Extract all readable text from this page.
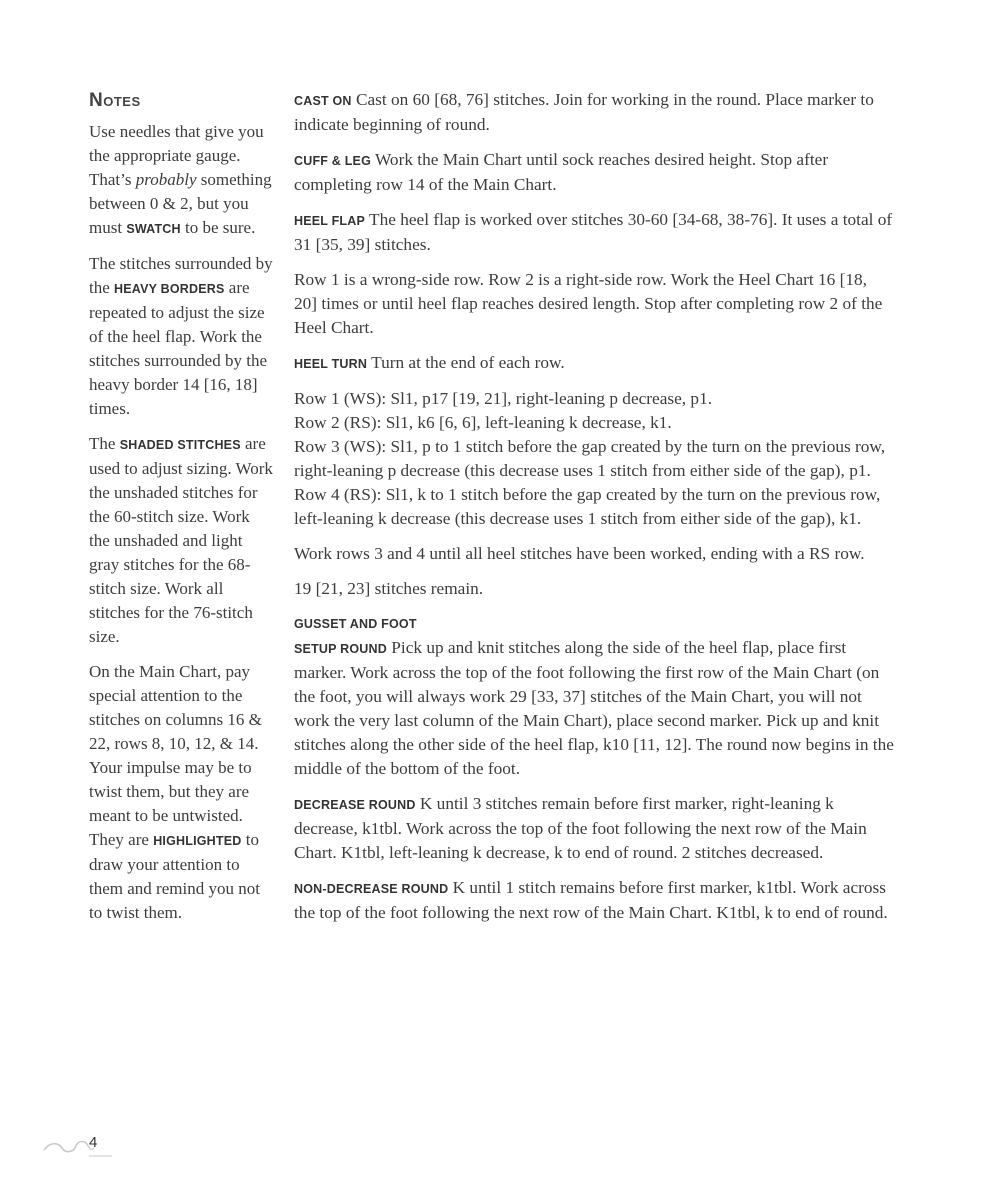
Notes

Use needles that give you the appropriate gauge. That’s probably something between 0 & 2, but you must SWATCH to be sure.

The stitches surrounded by the HEAVY BORDERS are repeated to adjust the size of the heel flap. Work the stitches surrounded by the heavy border 14 [16, 18] times.

The SHADED STITCHES are used to adjust sizing. Work the unshaded stitches for the 60-stitch size. Work the unshaded and light gray stitches for the 68-stitch size. Work all stitches for the 76-stitch size.

On the Main Chart, pay special attention to the stitches on columns 16 & 22, rows 8, 10, 12, & 14. Your impulse may be to twist them, but they are meant to be untwisted. They are HIGHLIGHTED to draw your attention to them and remind you not to twist them.

CAST ON Cast on 60 [68, 76] stitches. Join for working in the round. Place marker to indicate beginning of round.

CUFF & LEG Work the Main Chart until sock reaches desired height. Stop after completing row 14 of the Main Chart.

HEEL FLAP The heel flap is worked over stitches 30-60 [34-68, 38-76]. It uses a total of 31 [35, 39] stitches.

Row 1 is a wrong-side row. Row 2 is a right-side row. Work the Heel Chart 16 [18, 20] times or until heel flap reaches desired length. Stop after completing row 2 of the Heel Chart.

HEEL TURN Turn at the end of each row.

Row 1 (WS): Sl1, p17 [19, 21], right-leaning p decrease, p1.
Row 2 (RS): Sl1, k6 [6, 6], left-leaning k decrease, k1.
Row 3 (WS): Sl1, p to 1 stitch before the gap created by the turn on the previous row, right-leaning p decrease (this decrease uses 1 stitch from either side of the gap), p1.
Row 4 (RS): Sl1, k to 1 stitch before the gap created by the turn on the previous row, left-leaning k decrease (this decrease uses 1 stitch from either side of the gap), k1.

Work rows 3 and 4 until all heel stitches have been worked, ending with a RS row.

19 [21, 23] stitches remain.

GUSSET AND FOOT

SETUP ROUND Pick up and knit stitches along the side of the heel flap, place first marker. Work across the top of the foot following the first row of the Main Chart (on the foot, you will always work 29 [33, 37] stitches of the Main Chart, you will not work the very last column of the Main Chart), place second marker. Pick up and knit stitches along the other side of the heel flap, k10 [11, 12]. The round now begins in the middle of the bottom of the foot.

DECREASE ROUND K until 3 stitches remain before first marker, right-leaning k decrease, k1tbl. Work across the top of the foot following the next row of the Main Chart. K1tbl, left-leaning k decrease, k to end of round. 2 stitches decreased.

NON-DECREASE ROUND K until 1 stitch remains before first marker, k1tbl. Work across the top of the foot following the next row of the Main Chart. K1tbl, k to end of round.

4
